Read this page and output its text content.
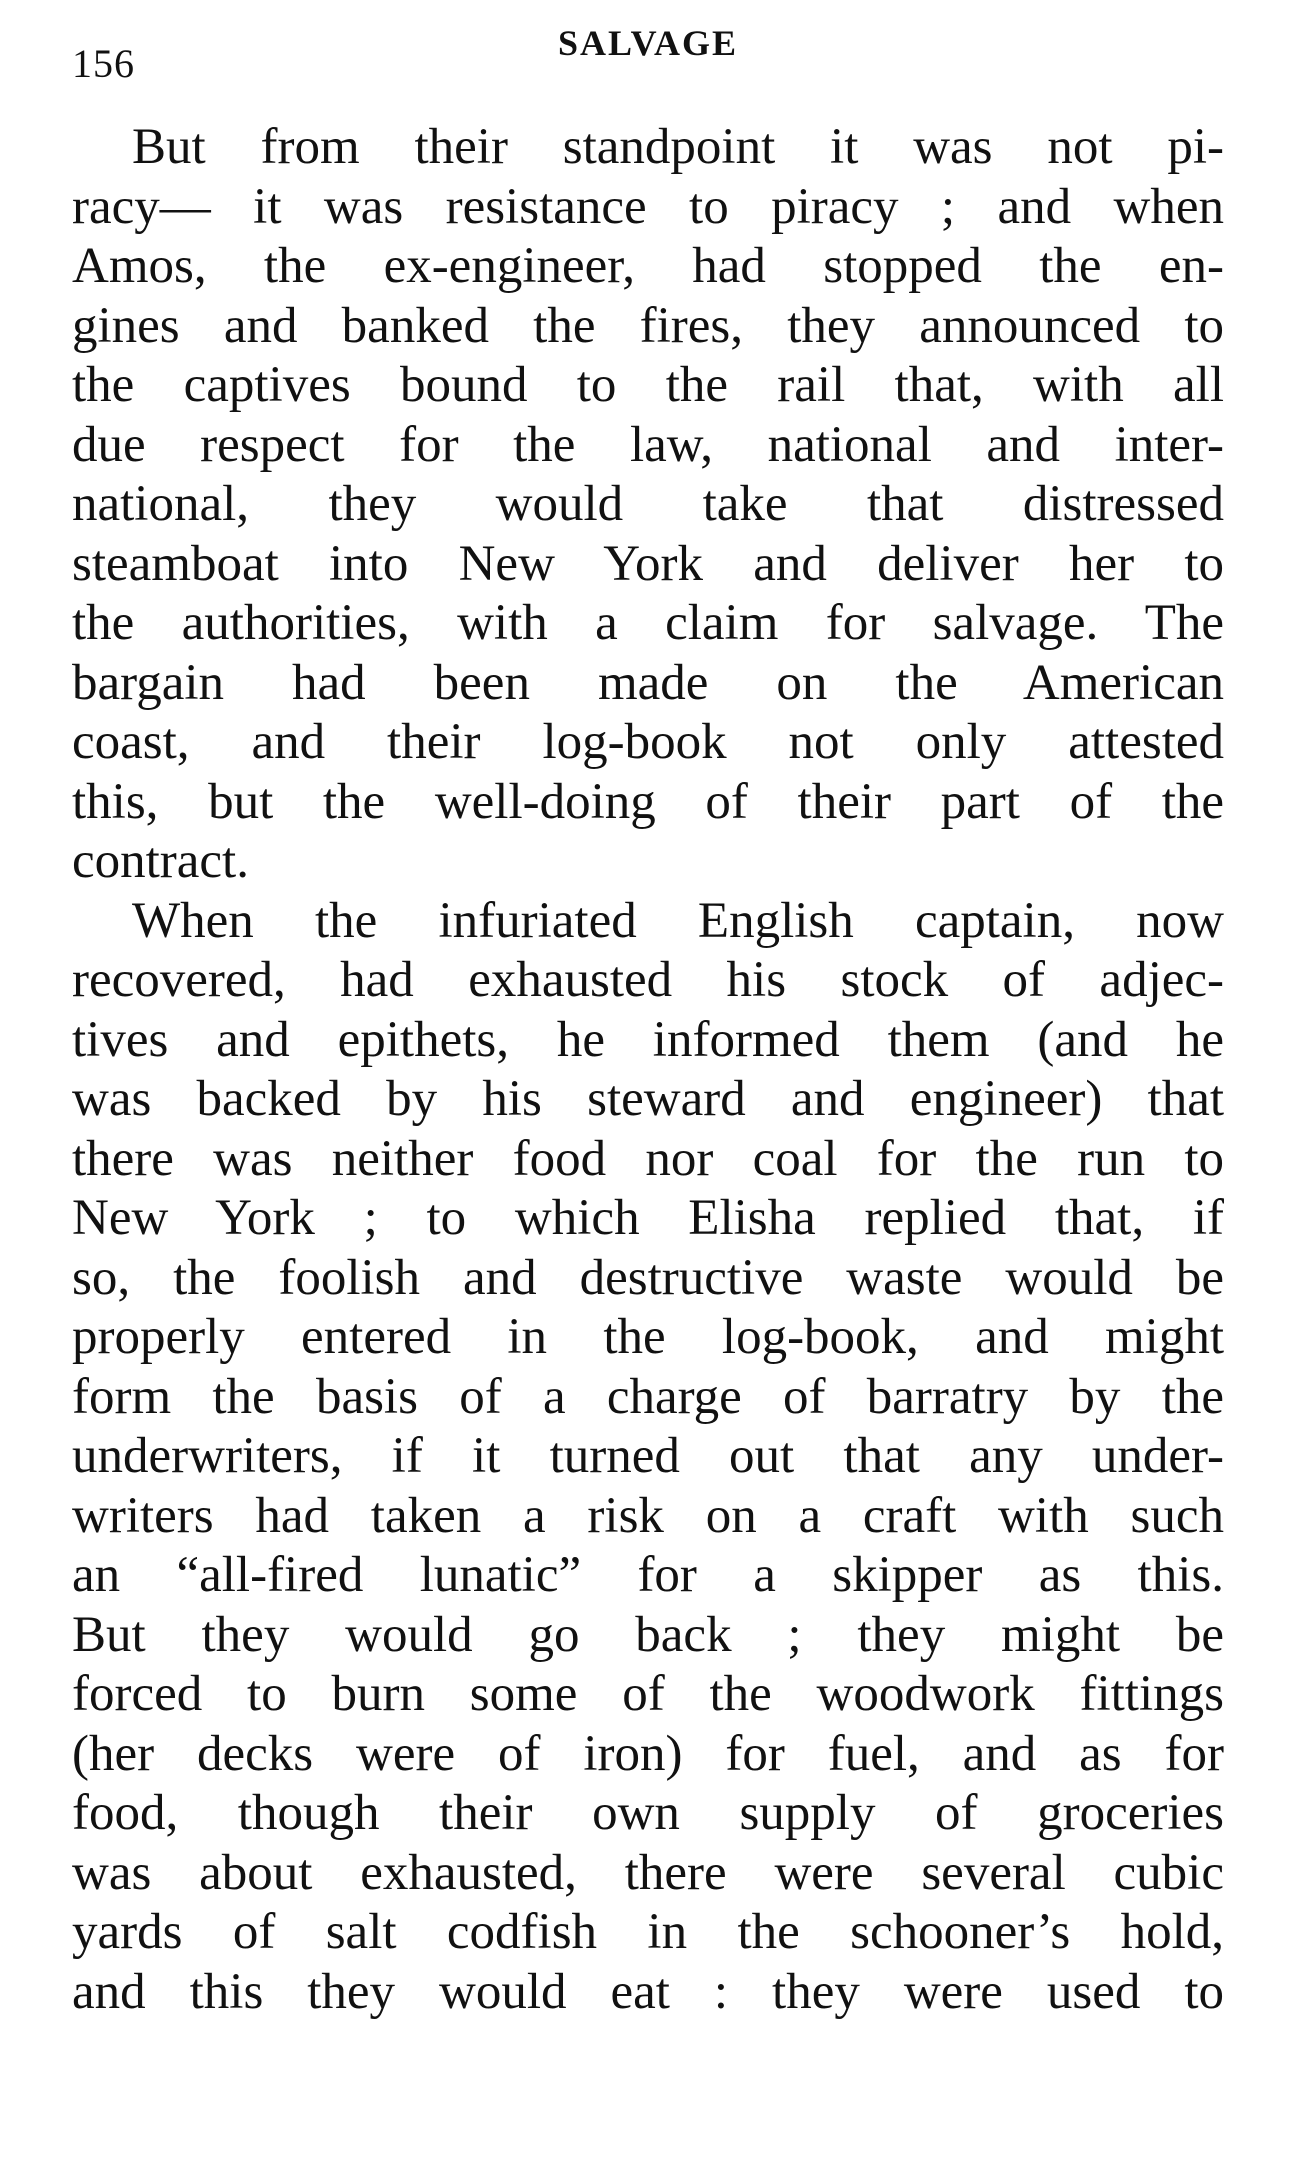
156	SALVAGE
But from their standpoint it was not pi-
racy— it was resistance to piracy ; and when
Amos, the ex-engineer, had stopped the en-
gines and banked the fires, they announced to
the captives bound to the rail that, with all
due respect for the law, national and inter-
national, they would take that distressed
steamboat into New York and deliver her to
the authorities, with a claim for salvage. The
bargain had been made on the American
coast, and their log-book not only attested
this, but the well-doing of their part of the
contract.
When the infuriated English captain, now
recovered, had exhausted his stock of adjec-
tives and epithets, he informed them (and he
was backed by his steward and engineer) that
there was neither food nor coal for the run to
New York ; to which Elisha replied that, if
so, the foolish and destructive waste would be
properly entered in the log-book, and might
form the basis of a charge of barratry by the
underwriters, if it turned out that any under-
writers had taken a risk on a craft with such
an “all-fired lunatic” for a skipper as this.
But they would go back ; they might be
forced to burn some of the woodwork fittings
(her decks were of iron) for fuel, and as for
food, though their own supply of groceries
was about exhausted, there were several cubic
yards of salt codfish in the schooner’s hold,
and this they would eat : they were used to
